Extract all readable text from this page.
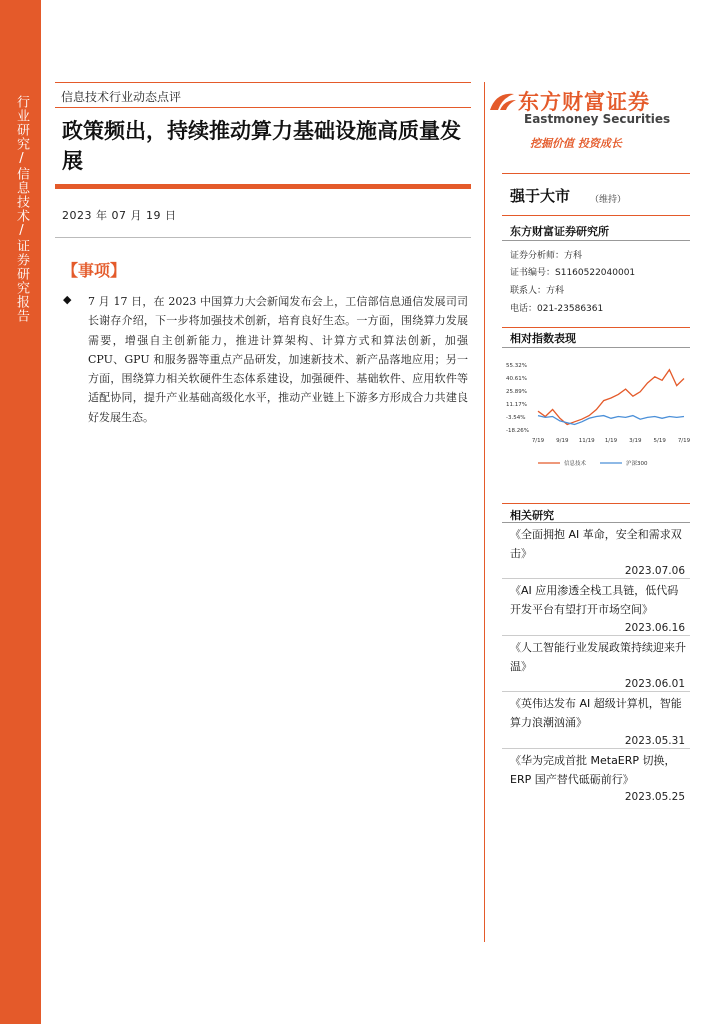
行业研究/信息技术/证券研究报告	信息技术行业动态点评
政策频出，持续推动算力基础设施高质量发展
2023 年 07 月 19 日
【事项】
◆ 7 月 17 日，在 2023 中国算力大会新闻发布会上，工信部信息通信发展司司长谢存介绍，下一步将加强技术创新，培育良好生态。一方面，围绕算力发展需要，增强自主创新能力，推进计算架构、计算方式和算法创新，加强 CPU、GPU 和服务器等重点产品研发，加速新技术、新产品落地应用；另一方面，围绕算力相关软硬件生态体系建设，加强硬件、基础软件、应用软件等适配协同，提升产业基础高级化水平，推动产业链上下游多方形成合力共建良好发展生态。
东方财富证券
Eastmoney Securities
挖掘价值 投资成长
强于大市 （维持）
东方财富证券研究所
证券分析师：方科
证书编号：S1160522040001
联系人：方科
电话：021-23586361
相对指数表现
55.32%
40.61%
25.89%
11.17%
-3.54%
-18.26%
7/19 9/19 11/19 1/19 3/19 5/19 7/19
信息技术	沪深300
相关研究
《全面拥抱 AI 革命，安全和需求双击》
2023.07.06
《AI 应用渗透全栈工具链，低代码开发平台有望打开市场空间》
2023.06.16
《人工智能行业发展政策持续迎来升温》
2023.06.01
《英伟达发布 AI 超级计算机，智能算力浪潮汹涌》
2023.05.31
《华为完成首批 MetaERP 切换，ERP 国产替代砥砺前行》
2023.05.25
